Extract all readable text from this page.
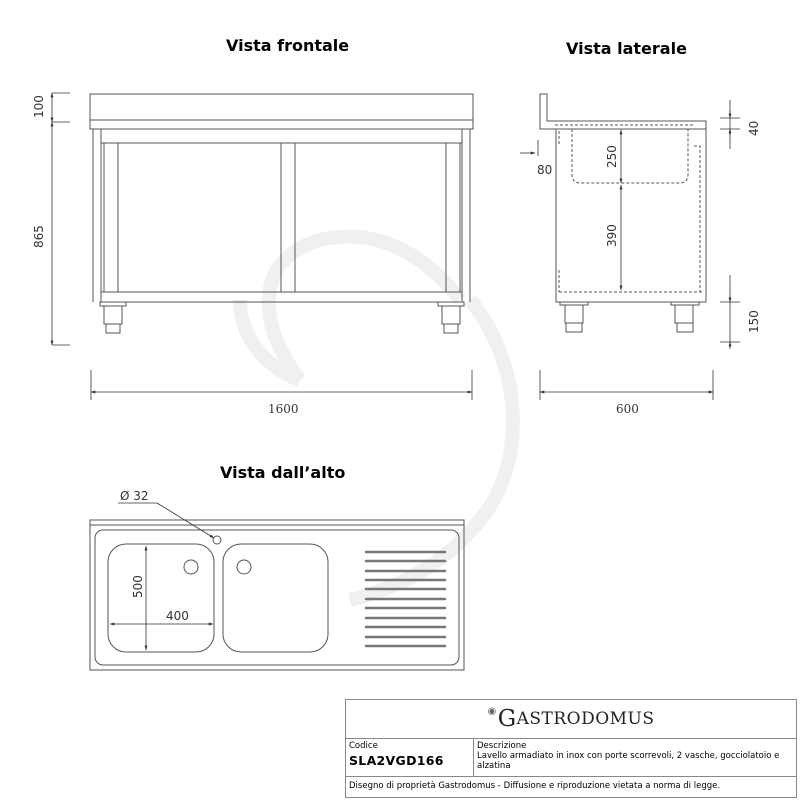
Vista frontale	Vista laterale
Vista dall’alto
100
865
1600
80
40
250
390
150
600
Ø 32
500
400
◉ G ASTRODOMUS
Codice
SLA2VGD166
Descrizione
Lavello armadiato in inox con porte scorrevoli, 2 vasche, gocciolatoio e alzatina
Disegno di proprietà Gastrodomus - Diffusione e riproduzione vietata a norma di legge.
